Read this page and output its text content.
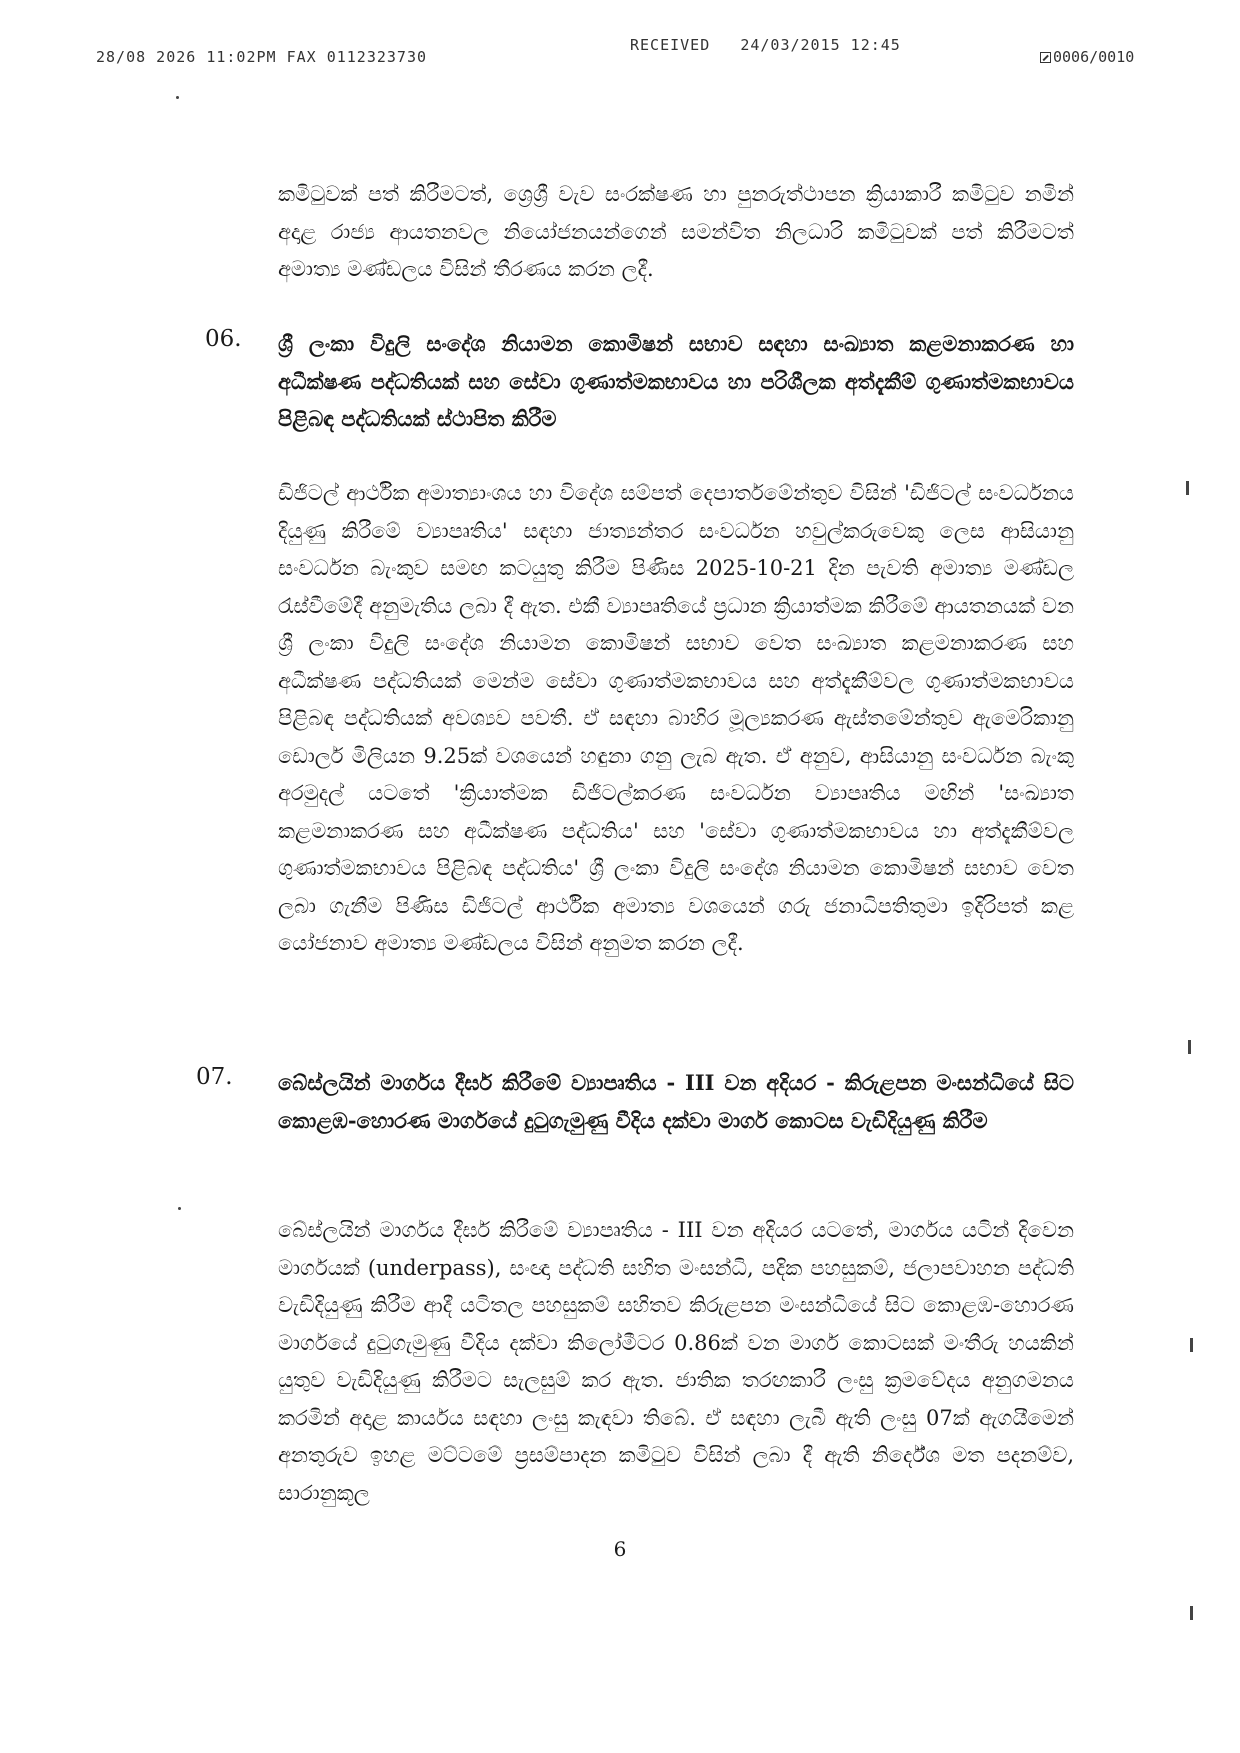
28/08 2026 11:02PM FAX 0112323730
RECEIVED 24/03/2015 12:45
0006/0010

කමිටුවක් පත් කිරීමටත්, ශ්‍රෙශ්‍රී වැව සංරක්ෂණ හා පුනරුත්ථාපන ක්‍රියාකාරී කමිටුව නමින් අදාළ රාජ්‍ය ආයතනවල නියෝජනයන්ගෙන් සමන්විත නිලධාරි කමිටුවක් පත් කිරීමටත් අමාත්‍ය මණ්ඩලය විසින් තීරණය කරන ලදී.

06. ශ්‍රී ලංකා විදුලි සංදේශ නියාමන කොමිෂන් සභාව සඳහා සංඛ්‍යාත කළමනාකරණ හා අධීක්ෂණ පද්ධතියක් සහ සේවා ගුණාත්මකභාවය හා පරිශීලක අත්දැකීම් ගුණාත්මකභාවය පිළිබඳ පද්ධතියක් ස්ථාපිත කිරීම

ඩිජිටල් ආර්ථික අමාත්‍යාංශය හා විදේශ සම්පත් දෙපාර්තමේන්තුව විසින් 'ඩිජිටල් සංවර්ධනය දියුණු කිරීමේ ව්‍යාපෘතිය' සඳහා ජාත්‍යන්තර සංවර්ධන හවුල්කරුවෙකු ලෙස ආසියානු සංවර්ධන බැංකුව සමඟ කටයුතු කිරීම පිණිස 2025-10-21 දින පැවති අමාත්‍ය මණ්ඩල රැස්වීමේදී අනුමැතිය ලබා දී ඇත. එකී ව්‍යාපෘතියේ ප්‍රධාන ක්‍රියාත්මක කිරීමේ ආයතනයක් වන ශ්‍රී ලංකා විදුලි සංදේශ නියාමන කොමිෂන් සභාව වෙත සංඛ්‍යාත කළමනාකරණ සහ අධීක්ෂණ පද්ධතියක් මෙන්ම සේවා ගුණාත්මකභාවය සහ අත්දැකීම්වල ගුණාත්මකභාවය පිළිබඳ පද්ධතියක් අවශ්‍යව පවතී. ඒ සඳහා බාහිර මූල්‍යකරණ ඇස්තමේන්තුව ඇමෙරිකානු ඩොලර් මිලියන 9.25ක් වශයෙන් හඳුනා ගනු ලැබ ඇත. ඒ අනුව, ආසියානු සංවර්ධන බැංකු අරමුදල් යටතේ 'ක්‍රියාත්මක ඩිජිටල්කරණ සංවර්ධන ව්‍යාපෘතිය මඟින් 'සංඛ්‍යාත කළමනාකරණ සහ අධීක්ෂණ පද්ධතිය' සහ 'සේවා ගුණාත්මකභාවය හා අත්දැකීම්වල ගුණාත්මකභාවය පිළිබඳ පද්ධතිය' ශ්‍රී ලංකා විදුලි සංදේශ නියාමන කොමිෂන් සභාව වෙත ලබා ගැනීම පිණිස ඩිජිටල් ආර්ථික අමාත්‍ය වශයෙන් ගරු ජනාධිපතිතුමා ඉදිරිපත් කළ යෝජනාව අමාත්‍ය මණ්ඩලය විසින් අනුමත කරන ලදී.

07. බේස්ලයින් මාර්ගය දීර්ඝ කිරීමේ ව්‍යාපෘතිය - III වන අදියර - කිරුළපන මංසන්ධියේ සිට කොළඹ-හොරණ මාර්ගයේ දුටුගැමුණු වීදිය දක්වා මාර්ග කොටස වැඩිදියුණු කිරීම

බේස්ලයින් මාර්ගය දීර්ඝ කිරීමේ ව්‍යාපෘතිය - III වන අදියර යටතේ, මාර්ගය යටින් දිවෙන මාර්ගයක් (underpass), සංඥා පද්ධති සහිත මංසන්ධි, පදික පහසුකම්, ජලාපවාහන පද්ධති වැඩිදියුණු කිරීම ආදී යටිතල පහසුකම් සහිතව කිරුළපන මංසන්ධියේ සිට කොළඹ-හොරණ මාර්ගයේ දුටුගැමුණු වීදිය දක්වා කිලෝමීටර 0.86ක් වන මාර්ග කොටසක් මංතීරු හයකින් යුතුව වැඩිදියුණු කිරීමට සැලසුම් කර ඇත. ජාතික තරඟකාරී ලංසු ක්‍රමවේදය අනුගමනය කරමින් අදාළ කාර්යය සඳහා ලංසු කැඳවා තිබේ. ඒ සඳහා ලැබී ඇති ලංසු 07ක් ඇගයීමෙන් අනතුරුව ඉහළ මට්ටමේ ප්‍රසම්පාදන කමිටුව විසින් ලබා දී ඇති නිර්දේශ මත පදනම්ව, සාරානුකූල

6
